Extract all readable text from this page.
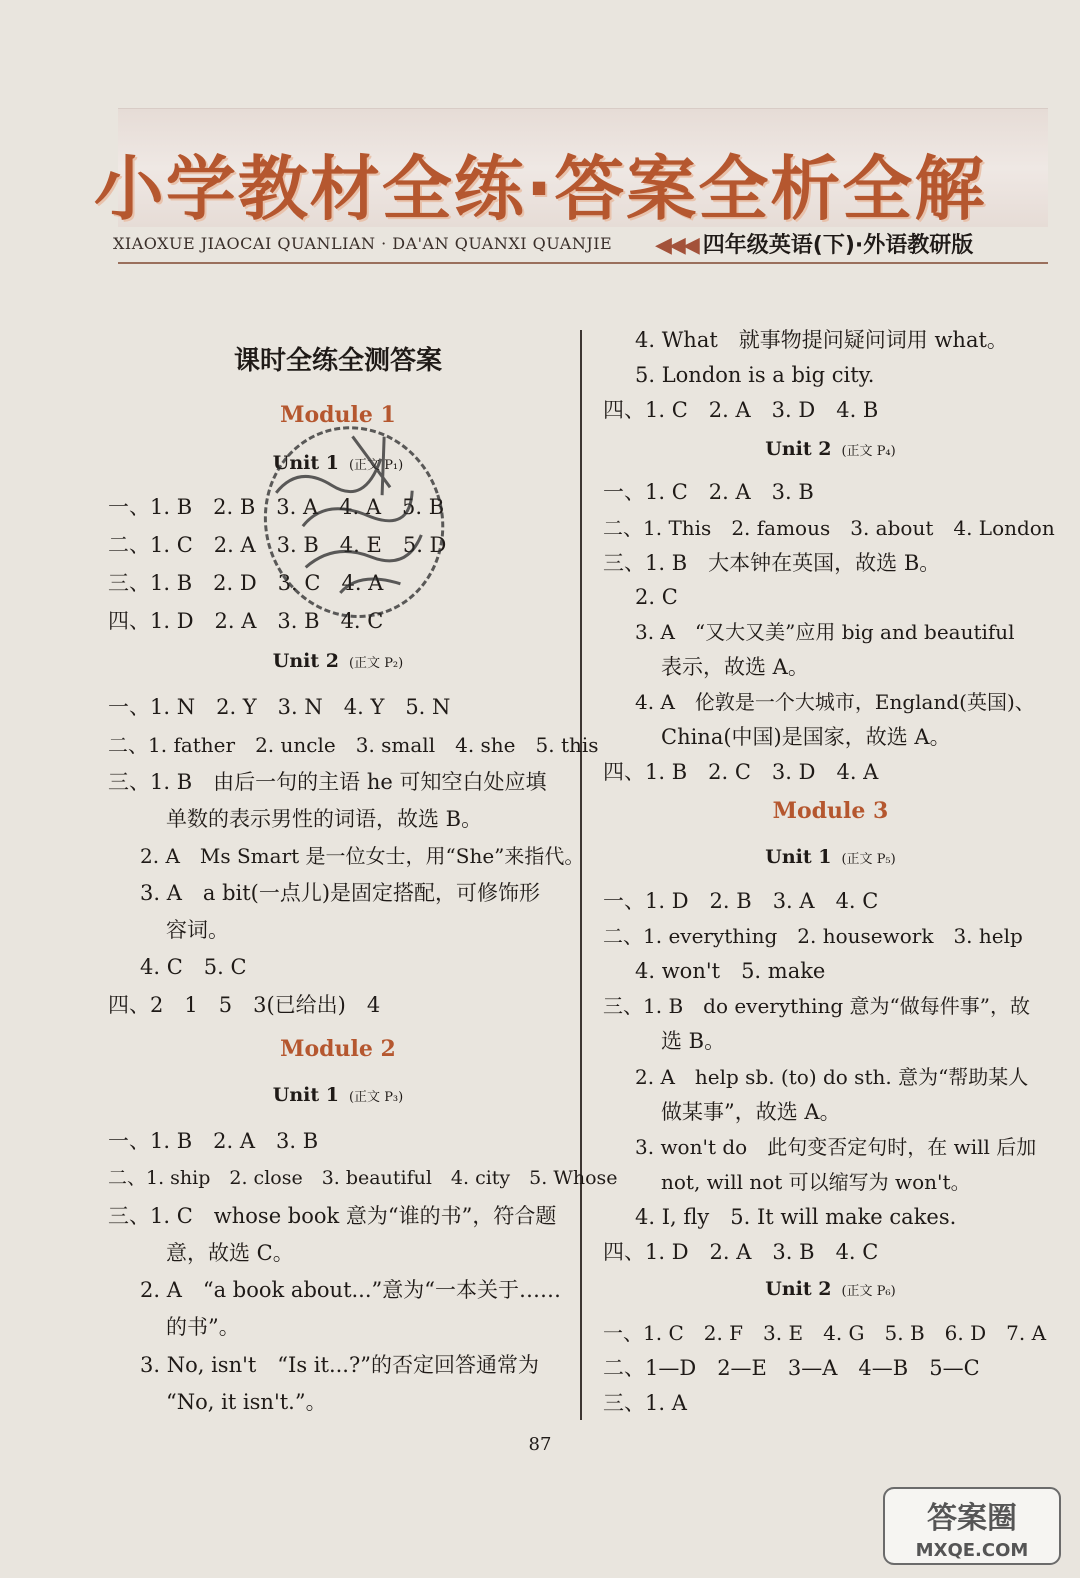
小学教材全练·答案全析全解
XIAOXUE JIAOCAI QUANLIAN · DA'AN QUANXI QUANJIE ◀◀◀ 四年级英语(下)·外语教研版
课时全练全测答案
Module 1
Unit 1 (正文 P₁)
一、1. B　2. B　3. A　4. A　5. B
二、1. C　2. A　3. B　4. E　5. D
三、1. B　2. D　3. C　4. A
四、1. D　2. A　3. B　4. C
Unit 2 (正文 P₂)
一、1. N　2. Y　3. N　4. Y　5. N
二、1. father　2. uncle　3. small　4. she　5. this
三、1. B　由后一句的主语 he 可知空白处应填
单数的表示男性的词语，故选 B。
2. A　Ms Smart 是一位女士，用“She”来指代。
3. A　a bit(一点儿)是固定搭配，可修饰形
容词。
4. C　5. C
四、2　1　5　3(已给出)　4
Module 2
Unit 1 (正文 P₃)
一、1. B　2. A　3. B
二、1. ship　2. close　3. beautiful　4. city　5. Whose
三、1. C　whose book 意为“谁的书”，符合题
意，故选 C。
2. A　“a book about...”意为“一本关于……
的书”。
3. No, isn't　“Is it...?”的否定回答通常为
“No, it isn't.”。
4. What　就事物提问疑问词用 what。
5. London is a big city.
四、1. C　2. A　3. D　4. B
Unit 2 (正文 P₄)
一、1. C　2. A　3. B
二、1. This　2. famous　3. about　4. London
三、1. B　大本钟在英国，故选 B。
2. C
3. A　“又大又美”应用 big and beautiful
表示，故选 A。
4. A　伦敦是一个大城市，England(英国)、
China(中国)是国家，故选 A。
四、1. B　2. C　3. D　4. A
Module 3
Unit 1 (正文 P₅)
一、1. D　2. B　3. A　4. C
二、1. everything　2. housework　3. help
4. won't　5. make
三、1. B　do everything 意为“做每件事”，故
选 B。
2. A　help sb. (to) do sth. 意为“帮助某人
做某事”，故选 A。
3. won't do　此句变否定句时，在 will 后加
not, will not 可以缩写为 won't。
4. I, fly　5. It will make cakes.
四、1. D　2. A　3. B　4. C
Unit 2 (正文 P₆)
一、1. C　2. F　3. E　4. G　5. B　6. D　7. A
二、1—D　2—E　3—A　4—B　5—C
三、1. A
87
答案圈
MXQE.COM
